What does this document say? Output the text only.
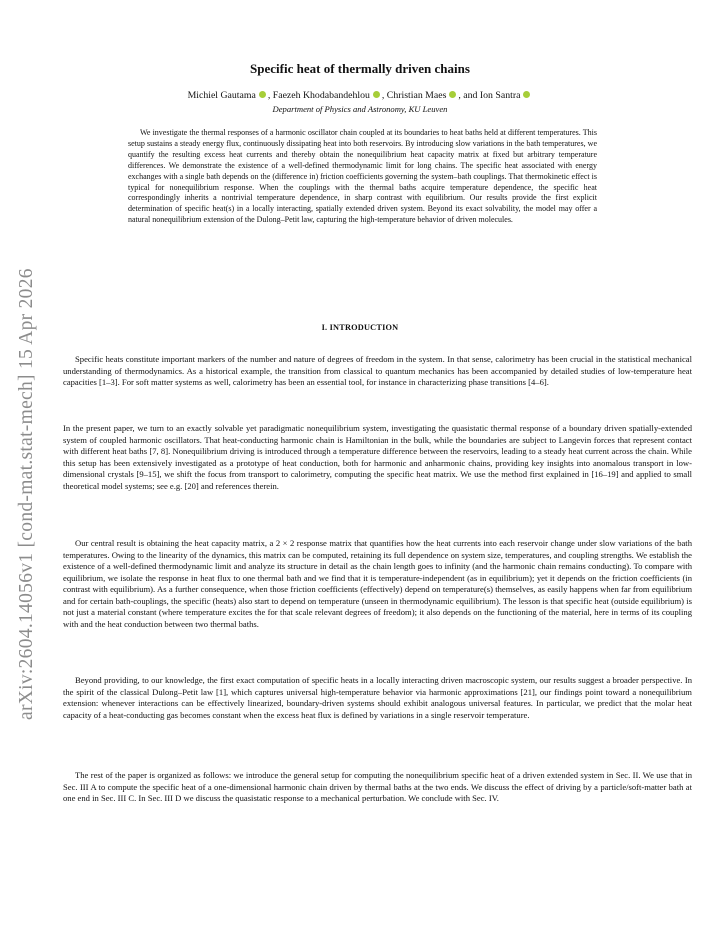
arXiv:2604.14056v1 [cond-mat.stat-mech] 15 Apr 2026
Specific heat of thermally driven chains
Michiel Gautama , Faezeh Khodabandehlou , Christian Maes , and Ion Santra
Department of Physics and Astronomy, KU Leuven

We investigate the thermal responses of a harmonic oscillator chain coupled at its boundaries to heat baths held at different temperatures. This setup sustains a steady energy flux, continuously dissipating heat into both reservoirs. By introducing slow variations in the bath temperatures, we quantify the resulting excess heat currents and thereby obtain the nonequilibrium heat capacity matrix at fixed but arbitrary temperature differences. We demonstrate the existence of a well-defined thermodynamic limit for long chains. The specific heat associated with energy exchanges with a single bath depends on the (difference in) friction coefficients governing the system–bath couplings. That thermokinetic effect is typical for nonequilibrium response. When the couplings with the thermal baths acquire temperature dependence, the specific heat correspondingly inherits a nontrivial temperature dependence, in sharp contrast with equilibrium. Our results provide the first explicit determination of specific heat(s) in a locally interacting, spatially extended driven system. Beyond its exact solvability, the model may offer a natural nonequilibrium extension of the Dulong–Petit law, capturing the high-temperature behavior of driven molecules.

I. INTRODUCTION

Specific heats constitute important markers of the number and nature of degrees of freedom in the system. In that sense, calorimetry has been crucial in the statistical mechanical understanding of thermodynamics. As a historical example, the transition from classical to quantum mechanics has been accompanied by detailed studies of low-temperature heat capacities [1–3]. For soft matter systems as well, calorimetry has been an essential tool, for instance in characterizing phase transitions [4–6].

In the present paper, we turn to an exactly solvable yet paradigmatic nonequilibrium system, investigating the quasistatic thermal response of a boundary driven spatially-extended system of coupled harmonic oscillators. That heat-conducting harmonic chain is Hamiltonian in the bulk, while the boundaries are subject to Langevin forces that represent contact with different heat baths [7, 8]. Nonequilibrium driving is introduced through a temperature difference between the reservoirs, leading to a steady heat current across the chain. While this setup has been extensively investigated as a prototype of heat conduction, both for harmonic and anharmonic chains, providing key insights into anomalous transport in low-dimensional crystals [9–15], we shift the focus from transport to calorimetry, computing the specific heat matrix. We use the method first explained in [16–19] and applied to small theoretical model systems; see e.g. [20] and references therein.

Our central result is obtaining the heat capacity matrix, a 2 × 2 response matrix that quantifies how the heat currents into each reservoir change under slow variations of the bath temperatures. Owing to the linearity of the dynamics, this matrix can be computed, retaining its full dependence on system size, temperatures, and coupling strengths. We establish the existence of a well-defined thermodynamic limit and analyze its structure in detail as the chain length goes to infinity (and the harmonic chain remains conducting). To compare with equilibrium, we isolate the response in heat flux to one thermal bath and we find that it is temperature-independent (as in equilibrium); yet it depends on the friction coefficients (in contrast with equilibrium). As a further consequence, when those friction coefficients (effectively) depend on temperature(s) themselves, as easily happens when far from equilibrium and for certain bath-couplings, the specific (heats) also start to depend on temperature (unseen in thermodynamic equilibrium). The lesson is that specific heat (outside equilibrium) is not just a material constant (where temperature excites the for that scale relevant degrees of freedom); it also depends on the functioning of the material, here in terms of its coupling with and the heat conduction between two thermal baths.

Beyond providing, to our knowledge, the first exact computation of specific heats in a locally interacting driven macroscopic system, our results suggest a broader perspective. In the spirit of the classical Dulong–Petit law [1], which captures universal high-temperature behavior via harmonic approximations [21], our findings point toward a nonequilibrium extension: whenever interactions can be effectively linearized, boundary-driven systems should exhibit analogous universal features. In particular, we predict that the molar heat capacity of a heat-conducting gas becomes constant when the excess heat flux is defined by variations in a single reservoir temperature.

The rest of the paper is organized as follows: we introduce the general setup for computing the nonequilibrium specific heat of a driven extended system in Sec. II. We use that in Sec. III A to compute the specific heat of a one-dimensional harmonic chain driven by thermal baths at the two ends. We discuss the effect of driving by a particle/soft-matter bath at one end in Sec. III C. In Sec. III D we discuss the quasistatic response to a mechanical perturbation. We conclude with Sec. IV.
